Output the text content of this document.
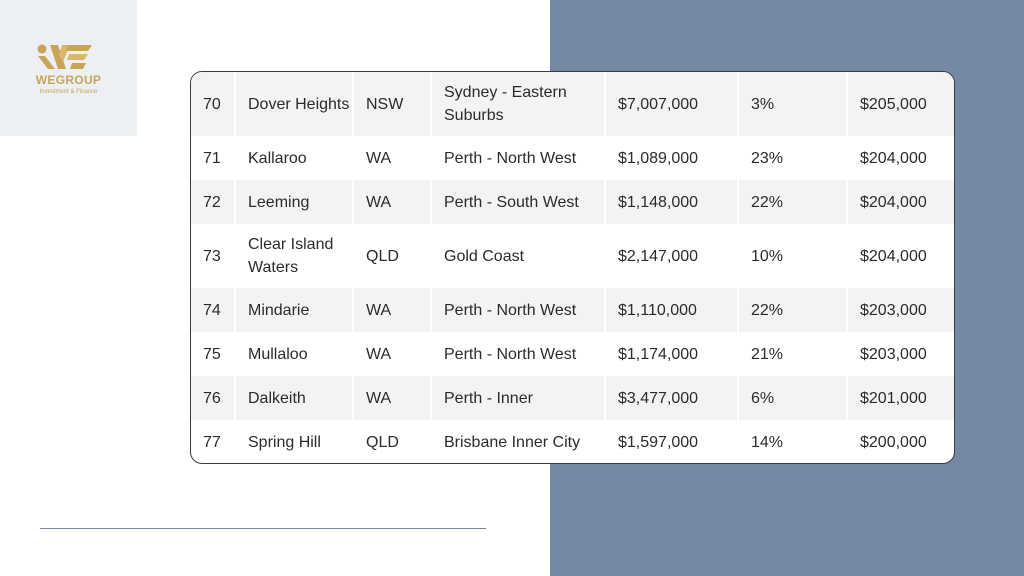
WEGROUP
Investment & Finance
70	Dover Heights	NSW	Sydney - Eastern Suburbs	$7,007,000	3%	$205,000
71	Kallaroo	WA	Perth - North West	$1,089,000	23%	$204,000
72	Leeming	WA	Perth - South West	$1,148,000	22%	$204,000
73	Clear Island Waters	QLD	Gold Coast	$2,147,000	10%	$204,000
74	Mindarie	WA	Perth - North West	$1,110,000	22%	$203,000
75	Mullaloo	WA	Perth - North West	$1,174,000	21%	$203,000
76	Dalkeith	WA	Perth - Inner	$3,477,000	6%	$201,000
77	Spring Hill	QLD	Brisbane Inner City	$1,597,000	14%	$200,000
